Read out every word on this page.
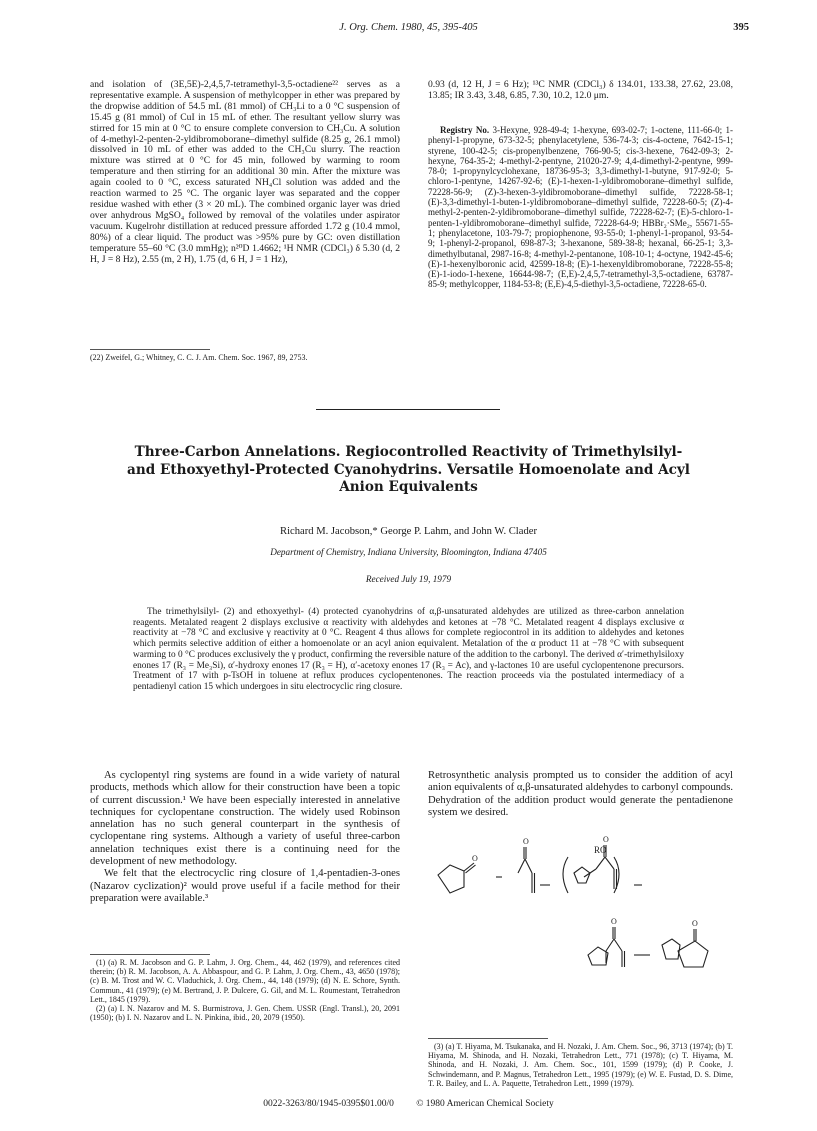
J. Org. Chem. 1980, 45, 395-405	395
and isolation of (3E,5E)-2,4,5,7-tetramethyl-3,5-octadiene²² serves as a representative example. A suspension of methylcopper in ether was prepared by the dropwise addition of 54.5 mL (81 mmol) of CH₃Li to a 0 °C suspension of 15.45 g (81 mmol) of CuI in 15 mL of ether. The resultant yellow slurry was stirred for 15 min at 0 °C to ensure complete conversion to CH₃Cu. A solution of 4-methyl-2-penten-2-yldibromoborane–dimethyl sulfide (8.25 g, 26.1 mmol) dissolved in 10 mL of ether was added to the CH₃Cu slurry. The reaction mixture was stirred at 0 °C for 45 min, followed by warming to room temperature and then stirring for an additional 30 min. After the mixture was again cooled to 0 °C, excess saturated NH₄Cl solution was added and the reaction warmed to 25 °C. The organic layer was separated and the copper residue washed with ether (3 × 20 mL). The combined organic layer was dried over anhydrous MgSO₄ followed by removal of the volatiles under aspirator vacuum. Kugelrohr distillation at reduced pressure afforded 1.72 g (10.4 mmol, 80%) of a clear liquid. The product was >95% pure by GC: oven distillation temperature 55–60 °C (3.0 mmHg); n²⁰D 1.4662; ¹H NMR (CDCl₃) δ 5.30 (d, 2 H, J = 8 Hz), 2.55 (m, 2 H), 1.75 (d, 6 H, J = 1 Hz),
(22) Zweifel, G.; Whitney, C. C. J. Am. Chem. Soc. 1967, 89, 2753.
0.93 (d, 12 H, J = 6 Hz); ¹³C NMR (CDCl₃) δ 134.01, 133.38, 27.62, 23.08, 13.85; IR 3.43, 3.48, 6.85, 7.30, 10.2, 12.0 μm.
Registry No. 3-Hexyne, 928-49-4; 1-hexyne, 693-02-7; 1-octene, 111-66-0; 1-phenyl-1-propyne, 673-32-5; phenylacetylene, 536-74-3; cis-4-octene, 7642-15-1; styrene, 100-42-5; cis-propenylbenzene, 766-90-5; cis-3-hexene, 7642-09-3; 2-hexyne, 764-35-2; 4-methyl-2-pentyne, 21020-27-9; 4,4-dimethyl-2-pentyne, 999-78-0; 1-propynylcyclohexane, 18736-95-3; 3,3-dimethyl-1-butyne, 917-92-0; 5-chloro-1-pentyne, 14267-92-6; (E)-1-hexen-1-yldibromoborane–dimethyl sulfide, 72228-56-9; (Z)-3-hexen-3-yldibromoborane–dimethyl sulfide, 72228-58-1; (E)-3,3-dimethyl-1-buten-1-yldibromoborane–dimethyl sulfide, 72228-60-5; (Z)-4-methyl-2-penten-2-yldibromoborane–dimethyl sulfide, 72228-62-7; (E)-5-chloro-1-penten-1-yldibromoborane–dimethyl sulfide, 72228-64-9; HBBr₂·SMe₂, 55671-55-1; phenylacetone, 103-79-7; propiophenone, 93-55-0; 1-phenyl-1-propanol, 93-54-9; 1-phenyl-2-propanol, 698-87-3; 3-hexanone, 589-38-8; hexanal, 66-25-1; 3,3-dimethylbutanal, 2987-16-8; 4-methyl-2-pentanone, 108-10-1; 4-octyne, 1942-45-6; (E)-1-hexenylboronic acid, 42599-18-8; (E)-1-hexenyldibromoborane, 72228-55-8; (E)-1-iodo-1-hexene, 16644-98-7; (E,E)-2,4,5,7-tetramethyl-3,5-octadiene, 63787-85-9; methylcopper, 1184-53-8; (E,E)-4,5-diethyl-3,5-octadiene, 72228-65-0.
Three-Carbon Annelations. Regiocontrolled Reactivity of Trimethylsilyl- and Ethoxyethyl-Protected Cyanohydrins. Versatile Homoenolate and Acyl Anion Equivalents
Richard M. Jacobson,* George P. Lahm, and John W. Clader
Department of Chemistry, Indiana University, Bloomington, Indiana 47405
Received July 19, 1979

The trimethylsilyl- (2) and ethoxyethyl- (4) protected cyanohydrins of α,β-unsaturated aldehydes are utilized as three-carbon annelation reagents. Metalated reagent 2 displays exclusive α reactivity with aldehydes and ketones at −78 °C. Metalated reagent 4 displays exclusive α reactivity at −78 °C and exclusive γ reactivity at 0 °C. Reagent 4 thus allows for complete regiocontrol in its addition to aldehydes and ketones which permits selective addition of either a homoenolate or an acyl anion equivalent. Metalation of the α product 11 at −78 °C with subsequent warming to 0 °C produces exclusively the γ product, confirming the reversible nature of the addition to the carbonyl. The derived α′-trimethylsiloxy enones 17 (R₃ = Me₃Si), α′-hydroxy enones 17 (R₃ = H), α′-acetoxy enones 17 (R₃ = Ac), and γ-lactones 10 are useful cyclopentenone precursors. Treatment of 17 with p-TsOH in toluene at reflux produces cyclopentenones. The reaction proceeds via the postulated intermediacy of a pentadienyl cation 15 which undergoes in situ electrocyclic ring closure.

As cyclopentyl ring systems are found in a wide variety of natural products, methods which allow for their construction have been a topic of current discussion.¹ We have been especially interested in annelative techniques for cyclopentane construction. The widely used Robinson annelation has no such general counterpart in the synthesis of cyclopentane ring systems. Although a variety of useful three-carbon annelation techniques exist there is a continuing need for the development of new methodology.

We felt that the electrocyclic ring closure of 1,4-pentadien-3-ones (Nazarov cyclization)² would prove useful if a facile method for their preparation were available.³

(1) (a) R. M. Jacobson and G. P. Lahm, J. Org. Chem., 44, 462 (1979), and references cited therein; (b) R. M. Jacobson, A. A. Abbaspour, and G. P. Lahm, J. Org. Chem., 43, 4650 (1978); (c) B. M. Trost and W. C. Vladuchick, J. Org. Chem., 44, 148 (1979); (d) N. E. Schore, Synth. Commun., 41 (1979); (e) M. Bertrand, J. P. Dulcere, G. Gil, and M. L. Roumestant, Tetrahedron Lett., 1845 (1979).

(2) (a) I. N. Nazarov and M. S. Burmistrova, J. Gen. Chem. USSR (Engl. Transl.), 20, 2091 (1950); (b) I. N. Nazarov and L. N. Pinkina, ibid., 20, 2079 (1950).

Retrosynthetic analysis prompted us to consider the addition of acyl anion equivalents of α,β-unsaturated aldehydes to carbonyl compounds. Dehydration of the addition product would generate the pentadienone system we desired.

RO
O	O
O	O
O

(3) (a) T. Hiyama, M. Tsukanaka, and H. Nozaki, J. Am. Chem. Soc., 96, 3713 (1974); (b) T. Hiyama, M. Shinoda, and H. Nozaki, Tetrahedron Lett., 771 (1978); (c) T. Hiyama, M. Shinoda, and H. Nozaki, J. Am. Chem. Soc., 101, 1599 (1979); (d) P. Cooke, J. Schwindemann, and P. Magnus, Tetrahedron Lett., 1995 (1979); (e) W. E. Fustad, D. S. Dime, T. R. Bailey, and L. A. Paquette, Tetrahedron Lett., 1999 (1979).

0022-3263/80/1945-0395$01.00/0 © 1980 American Chemical Society
